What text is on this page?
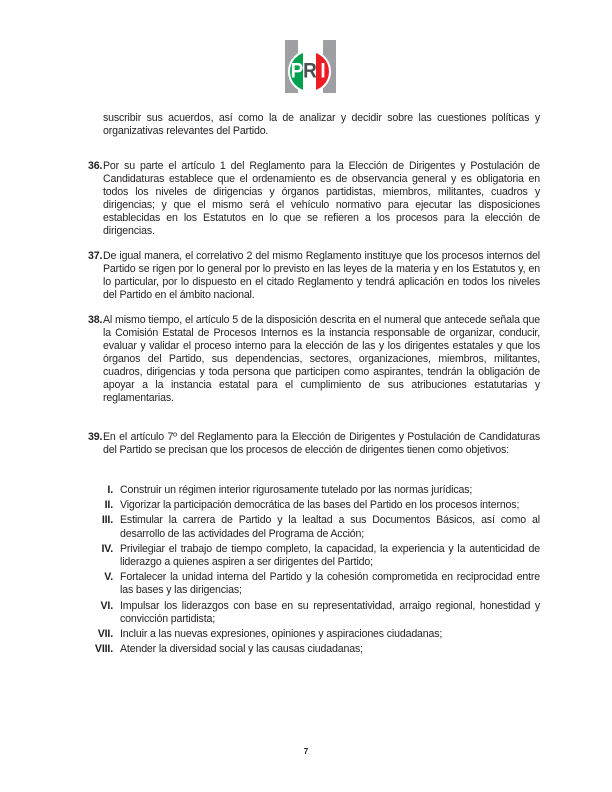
P R I

suscribir sus acuerdos, así como la de analizar y decidir sobre las cuestiones políticas y organizativas relevantes del Partido.

36. Por su parte el artículo 1 del Reglamento para la Elección de Dirigentes y Postulación de Candidaturas establece que el ordenamiento es de observancia general y es obligatoria en todos los niveles de dirigencias y órganos partidistas, miembros, militantes, cuadros y dirigencias; y que el mismo será el vehículo normativo para ejecutar las disposiciones establecidas en los Estatutos en lo que se refieren a los procesos para la elección de dirigencias.

37. De igual manera, el correlativo 2 del mismo Reglamento instituye que los procesos internos del Partido se rigen por lo general por lo previsto en las leyes de la materia y en los Estatutos y, en lo particular, por lo dispuesto en el citado Reglamento y tendrá aplicación en todos los niveles del Partido en el ámbito nacional.

38. Al mismo tiempo, el artículo 5 de la disposición descrita en el numeral que antecede señala que la Comisión Estatal de Procesos Internos es la instancia responsable de organizar, conducir, evaluar y validar el proceso interno para la elección de las y los dirigentes estatales y que los órganos del Partido, sus dependencias, sectores, organizaciones, miembros, militantes, cuadros, dirigencias y toda persona que participen como aspirantes, tendrán la obligación de apoyar a la instancia estatal para el cumplimiento de sus atribuciones estatutarias y reglamentarias.

39. En el artículo 7º del Reglamento para la Elección de Dirigentes y Postulación de Candidaturas del Partido se precisan que los procesos de elección de dirigentes tienen como objetivos:

I. Construir un régimen interior rigurosamente tutelado por las normas jurídicas;

II. Vigorizar la participación democrática de las bases del Partido en los procesos internos;

III. Estimular la carrera de Partido y la lealtad a sus Documentos Básicos, así como al desarrollo de las actividades del Programa de Acción;

IV. Privilegiar el trabajo de tiempo completo, la capacidad, la experiencia y la autenticidad de liderazgo a quienes aspiren a ser dirigentes del Partido;

V. Fortalecer la unidad interna del Partido y la cohesión comprometida en reciprocidad entre las bases y las dirigencias;

VI. Impulsar los liderazgos con base en su representatividad, arraigo regional, honestidad y convicción partidista;

VII. Incluir a las nuevas expresiones, opiniones y aspiraciones ciudadanas;

VIII. Atender la diversidad social y las causas ciudadanas;

7
